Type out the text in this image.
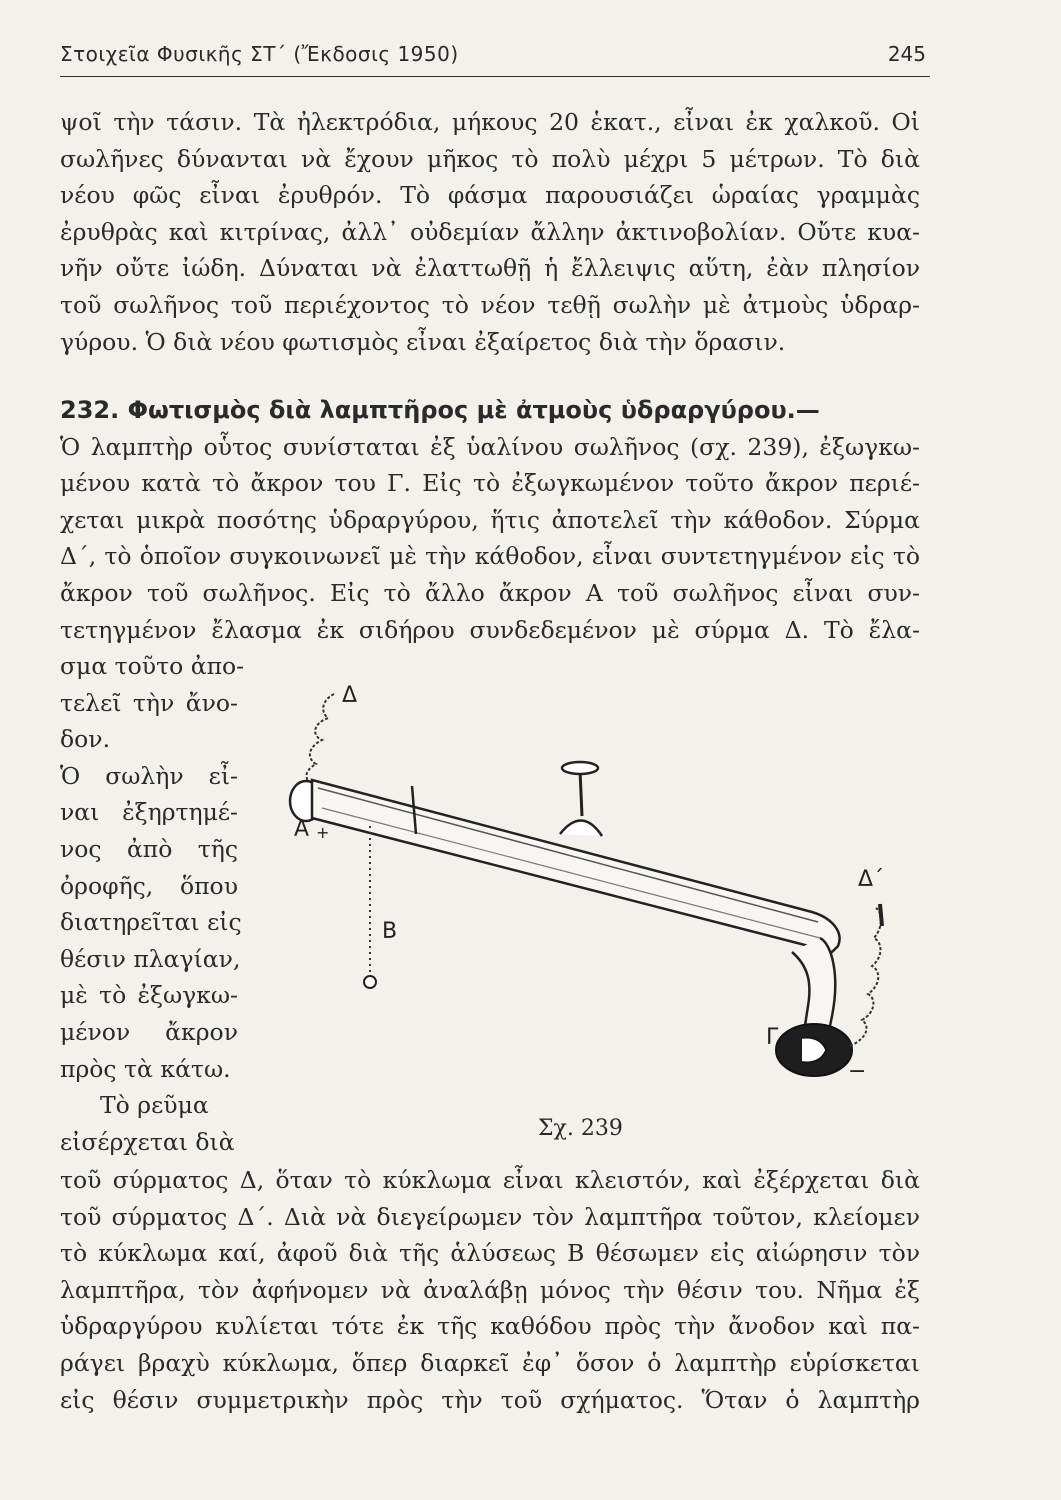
Στοιχεῖα Φυσικῆς ΣΤ΄ (Ἔκδοσις 1950)	245
ψοῖ τὴν τάσιν. Τὰ ἠλεκτρόδια, μήκους 20 ἑκατ., εἶναι ἐκ χαλκοῦ. Οἱ
σωλῆνες δύνανται νὰ ἔχουν μῆκος τὸ πολὺ μέχρι 5 μέτρων. Τὸ διὰ
νέου φῶς εἶναι ἐρυθρόν. Τὸ φάσμα παρουσιάζει ὡραίας γραμμὰς
ἐρυθρὰς καὶ κιτρίνας, ἀλλ᾽ οὐδεμίαν ἄλλην ἀκτινοβολίαν. Οὔτε κυα-
νῆν οὔτε ἰώδη. Δύναται νὰ ἐλαττωθῇ ἡ ἔλλειψις αὕτη, ἐὰν πλησίον
τοῦ σωλῆνος τοῦ περιέχοντος τὸ νέον τεθῇ σωλὴν μὲ ἀτμοὺς ὑδραρ-
γύρου. Ὁ διὰ νέου φωτισμὸς εἶναι ἐξαίρετος διὰ τὴν ὅρασιν.
232. Φωτισμὸς διὰ λαμπτῆρος μὲ ἀτμοὺς ὑδραργύρου.—
Ὁ λαμπτὴρ οὗτος συνίσταται ἐξ ὑαλίνου σωλῆνος (σχ. 239), ἐξωγκω-
μένου κατὰ τὸ ἄκρον του Γ. Εἰς τὸ ἐξωγκωμένον τοῦτο ἄκρον περιέ-
χεται μικρὰ ποσότης ὑδραργύρου, ἥτις ἀποτελεῖ τὴν κάθοδον. Σύρμα
Δ΄, τὸ ὁποῖον συγκοινωνεῖ μὲ τὴν κάθοδον, εἶναι συντετηγμένον εἰς τὸ
ἄκρον τοῦ σωλῆνος. Εἰς τὸ ἄλλο ἄκρον Α τοῦ σωλῆνος εἶναι συν-
τετηγμένον ἔλασμα ἐκ σιδήρου συνδεδεμένον μὲ σύρμα Δ. Τὸ ἔλα-
σμα τοῦτο ἀπο-
τελεῖ τὴν ἄνο-
δον.
Ὁ σωλὴν εἶ-
ναι ἐξηρτημέ-
νος ἀπὸ τῆς
ὀροφῆς, ὅπου
διατηρεῖται εἰς
θέσιν πλαγίαν,
μὲ τὸ ἐξωγκω-
μένον ἄκρον
πρὸς τὰ κάτω.
Τὸ ρεῦμα
εἰσέρχεται διὰ
Δ
Α +
Γ
−
Δ΄
Β
Σχ. 239
τοῦ σύρματος Δ, ὅταν τὸ κύκλωμα εἶναι κλειστόν, καὶ ἐξέρχεται διὰ
τοῦ σύρματος Δ΄. Διὰ νὰ διεγείρωμεν τὸν λαμπτῆρα τοῦτον, κλείομεν
τὸ κύκλωμα καί, ἀφοῦ διὰ τῆς ἁλύσεως Β θέσωμεν εἰς αἰώρησιν τὸν
λαμπτῆρα, τὸν ἀφήνομεν νὰ ἀναλάβῃ μόνος τὴν θέσιν του. Νῆμα ἐξ
ὑδραργύρου κυλίεται τότε ἐκ τῆς καθόδου πρὸς τὴν ἄνοδον καὶ πα-
ράγει βραχὺ κύκλωμα, ὅπερ διαρκεῖ ἐφ᾽ ὅσον ὁ λαμπτὴρ εὑρίσκεται
εἰς θέσιν συμμετρικὴν πρὸς τὴν τοῦ σχήματος. Ὅταν ὁ λαμπτὴρ
